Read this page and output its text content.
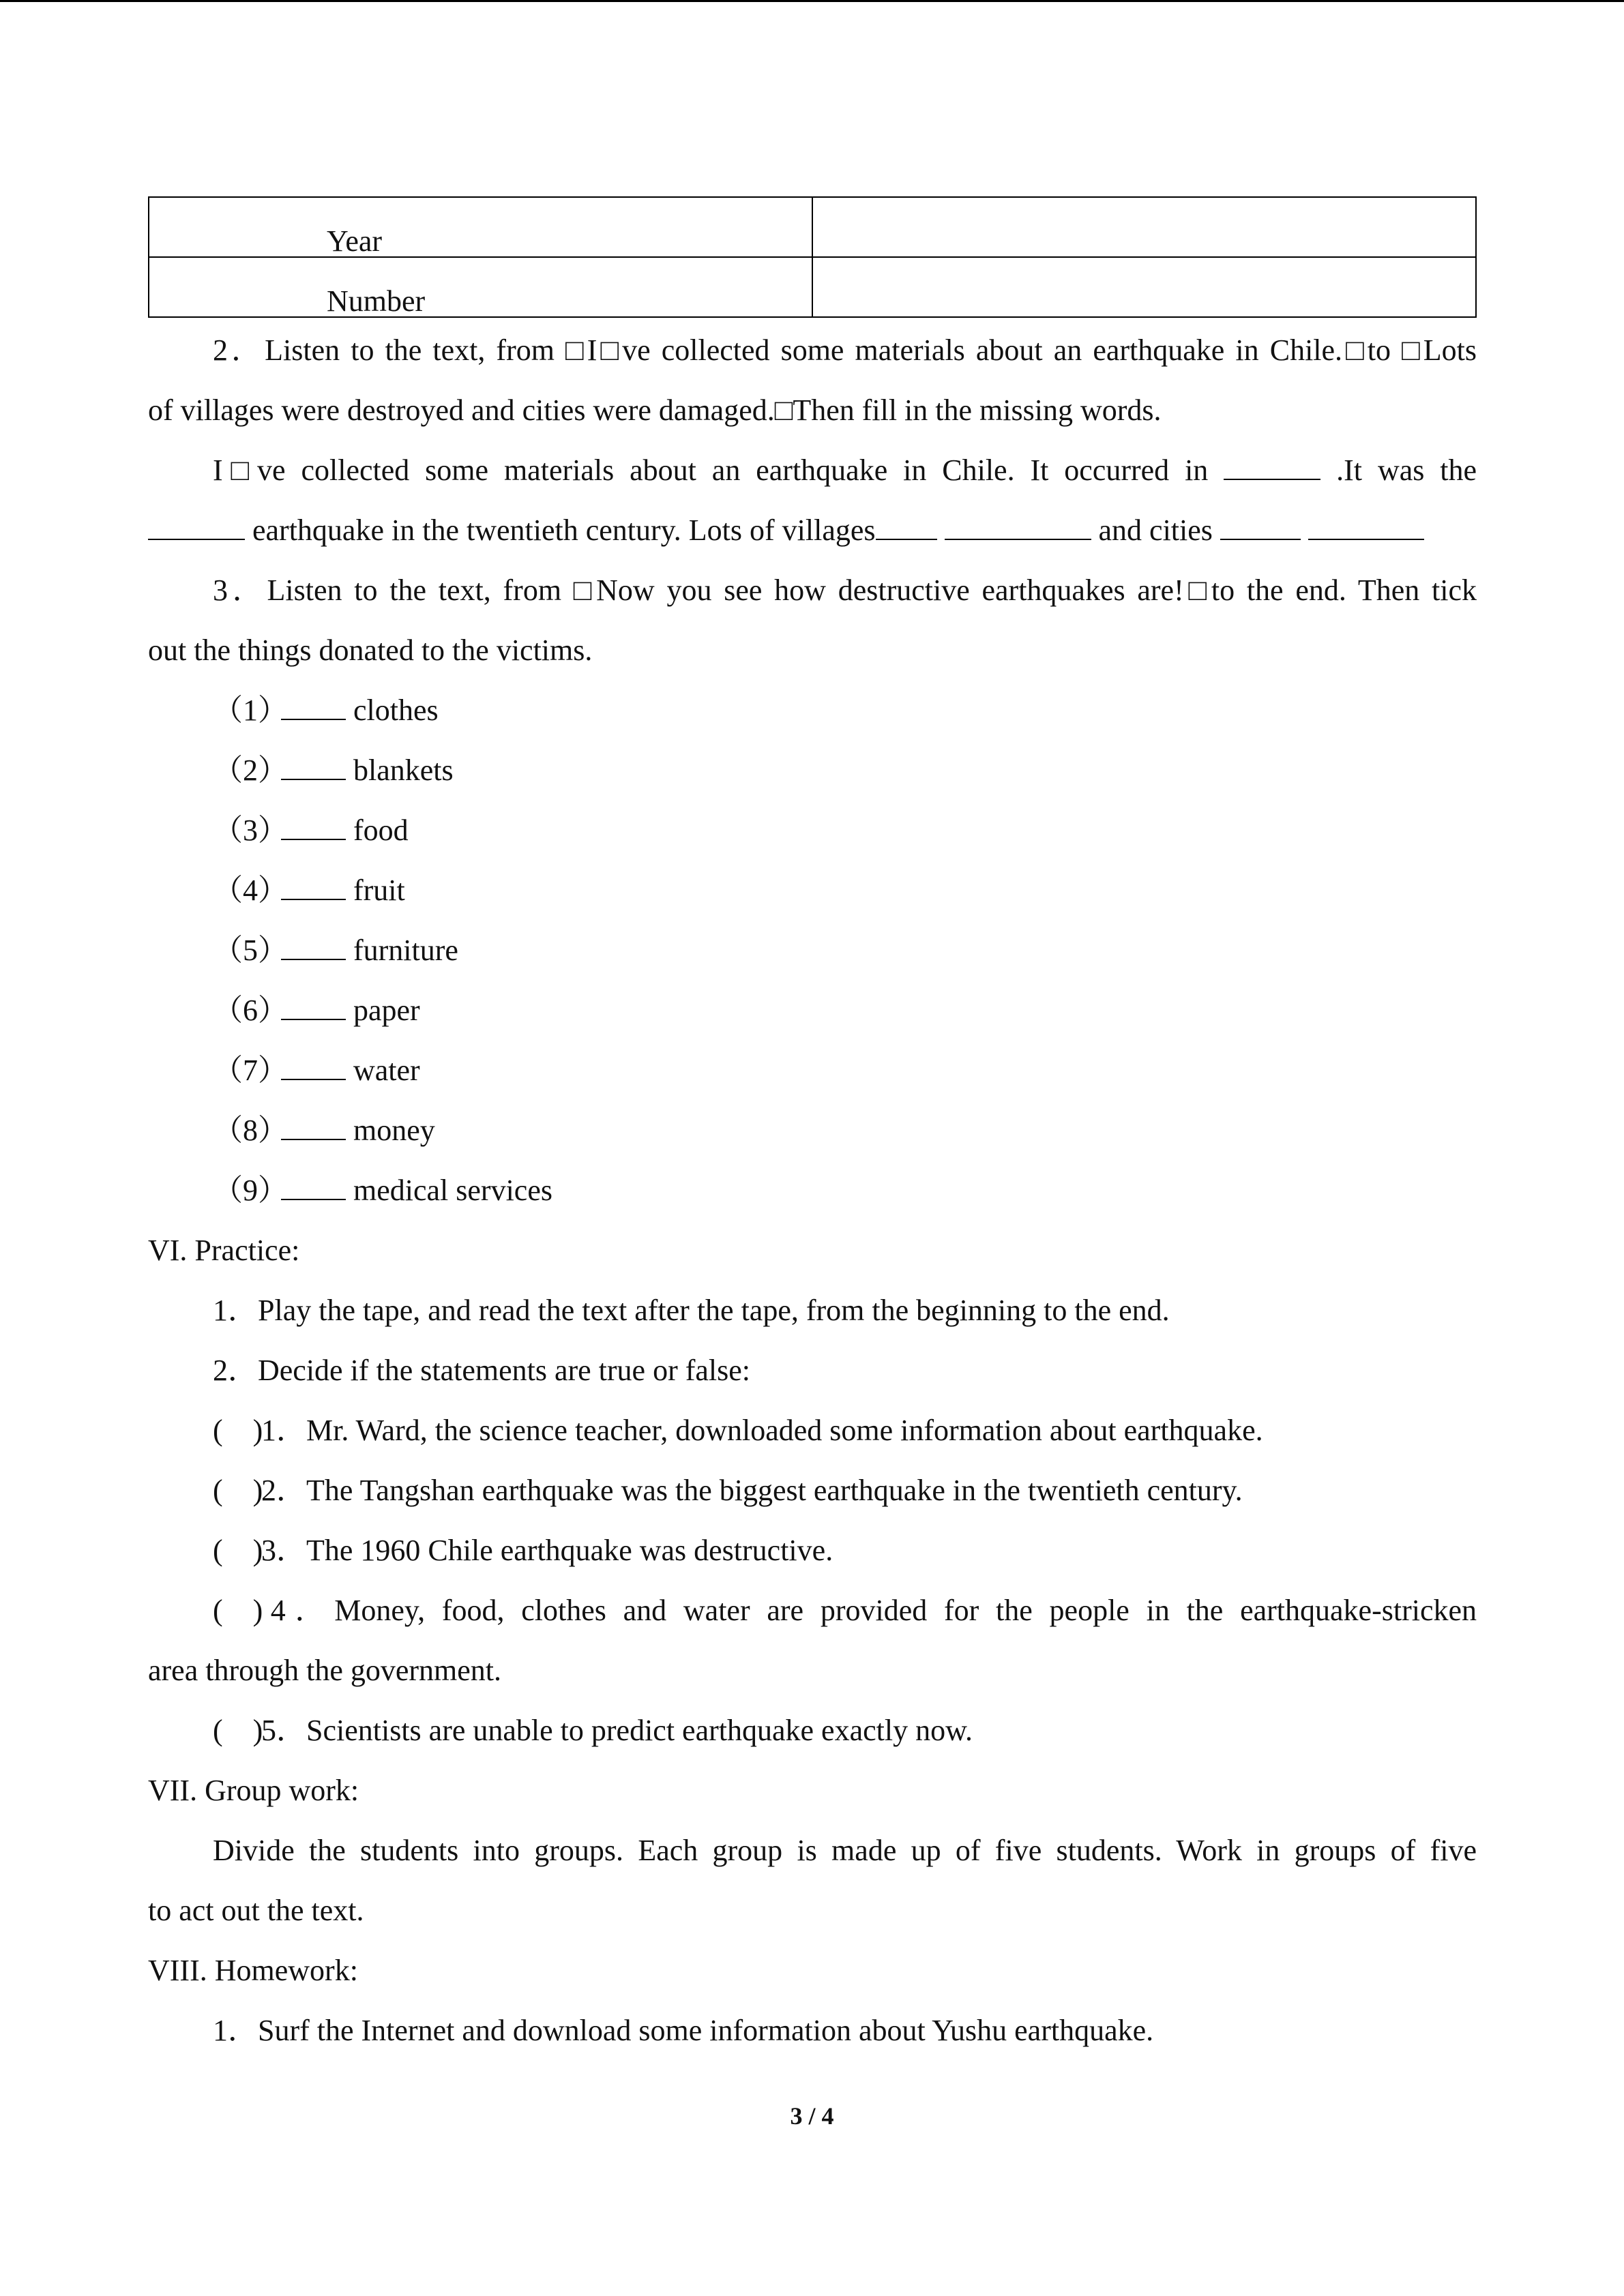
Year	
Number	

2．Listen to the text, from □I□ve collected some materials about an earthquake in Chile.□to □Lots

of villages were destroyed and cities were damaged.□Then fill in the missing words.

I□ve collected some materials about an earthquake in Chile. It occurred in	.It was the

earthquake in the twentieth century. Lots of villages	and cities

3．Listen to the text, from □Now you see how destructive earthquakes are!□to the end. Then tick

out the things donated to the victims.

（1） clothes

（2） blankets

（3） food

（4） fruit

（5） furniture

（6） paper

（7） water

（8） money

（9） medical services

VI. Practice:

1．Play the tape, and read the text after the tape, from the beginning to the end.

2．Decide if the statements are true or false:

(    ) 1．Mr. Ward, the science teacher, downloaded some information about earthquake.

(    ) 2．The Tangshan earthquake was the biggest earthquake in the twentieth century.

(    ) 3．The 1960 Chile earthquake was destructive.

(    ) 4．Money, food, clothes and water are provided for the people in the earthquake-stricken

area through the government.

(    ) 5．Scientists are unable to predict earthquake exactly now.

VII. Group work:

Divide the students into groups. Each group is made up of five students. Work in groups of five

to act out the text.

VIII. Homework:

1．Surf the Internet and download some information about Yushu earthquake.

3 / 4
